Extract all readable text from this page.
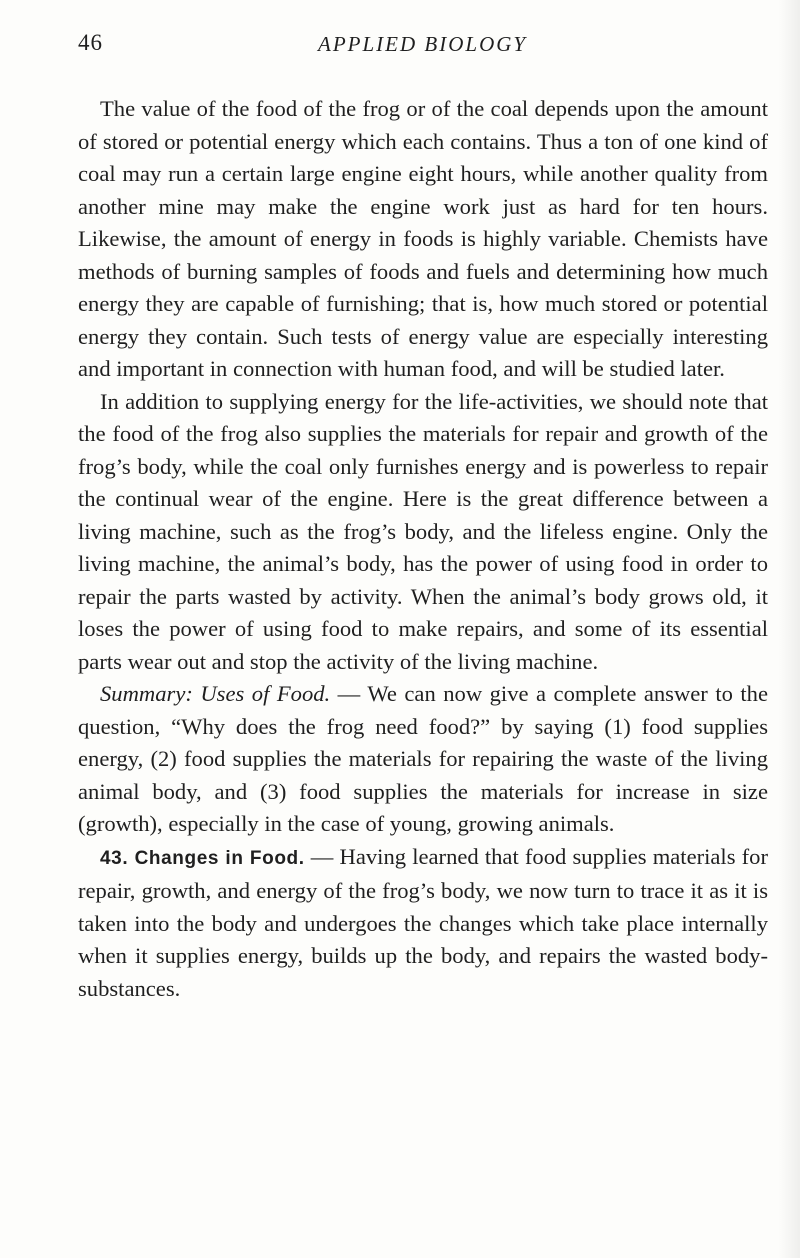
46	APPLIED BIOLOGY

The value of the food of the frog or of the coal depends upon the amount of stored or potential energy which each contains. Thus a ton of one kind of coal may run a certain large engine eight hours, while another quality from another mine may make the engine work just as hard for ten hours. Likewise, the amount of energy in foods is highly variable. Chemists have methods of burning samples of foods and fuels and determining how much energy they are capable of furnishing; that is, how much stored or potential energy they contain. Such tests of energy value are especially interesting and important in connection with human food, and will be studied later.

In addition to supplying energy for the life-activities, we should note that the food of the frog also supplies the materials for repair and growth of the frog’s body, while the coal only furnishes energy and is powerless to repair the continual wear of the engine. Here is the great difference between a living machine, such as the frog’s body, and the lifeless engine. Only the living machine, the animal’s body, has the power of using food in order to repair the parts wasted by activity. When the animal’s body grows old, it loses the power of using food to make repairs, and some of its essential parts wear out and stop the activity of the living machine.

Summary: Uses of Food. — We can now give a complete answer to the question, “Why does the frog need food?” by saying (1) food supplies energy, (2) food supplies the materials for repairing the waste of the living animal body, and (3) food supplies the materials for increase in size (growth), especially in the case of young, growing animals.

43. Changes in Food. — Having learned that food supplies materials for repair, growth, and energy of the frog’s body, we now turn to trace it as it is taken into the body and undergoes the changes which take place internally when it supplies energy, builds up the body, and repairs the wasted body-substances.
